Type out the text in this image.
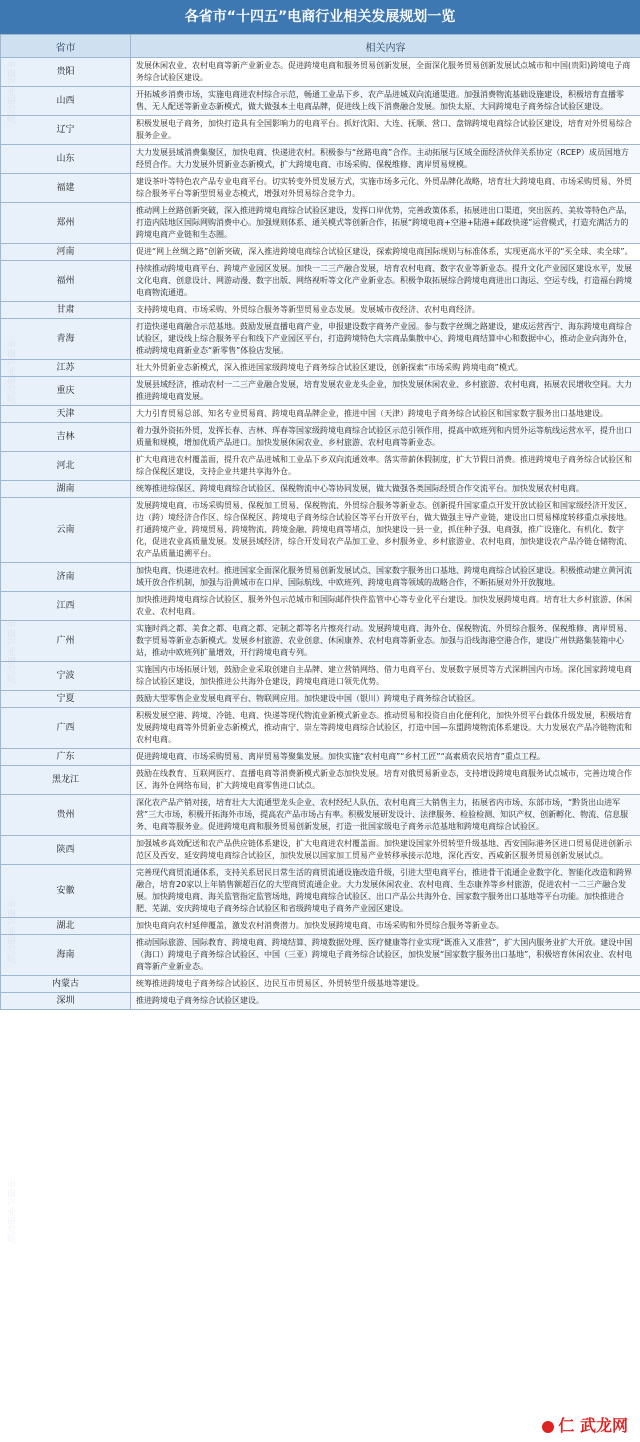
各省市“十四五”电商行业相关发展规划一览
省市	相关内容
贵阳	发展休闲农业、农村电商等新产业新业态。促进跨境电商和服务贸易创新发展，全面深化服务贸易创新发展试点城市和中国(贵阳)跨境电子商务综合试验区建设。
山西	开拓城乡消费市场，实施电商进农村综合示范，畅通工业品下乡、农产品进城双向流通渠道。加强消费物流基础设施建设，积极培育直播零售、无人配送等新业态新模式，做大做强本土电商品牌，促进线上线下消费融合发展。加快太原、大同跨境电子商务综合试验区建设。
辽宁	积极发展电子商务，加快打造具有全国影响力的电商平台。抓好沈阳、大连、抚顺、营口、盘锦跨境电商综合试验区建设，培育对外贸易综合服务企业。
山东	大力发展县域消费集聚区，加快电商、快递进农村。积极参与“丝路电商”合作。主动拓展与区域全面经济伙伴关系协定（RCEP）成员国地方经贸合作。大力发展外贸新业态新模式，扩大跨境电商、市场采购、保税维修、离岸贸易规模。
福建	建设茶叶等特色农产品专业电商平台。切实转变外贸发展方式，实施市场多元化、外贸品牌化战略，培育壮大跨境电商、市场采购贸易、外贸综合服务平台等新型贸易业态模式，增强对外贸易综合竞争力。
郑州	推动网上丝路创新突破，深入推进跨境电商综合试验区建设，发挥口岸优势，完善政策体系，拓展进出口渠道，突出医药、美妆等特色产品，打造内陆地区国际网购消费中心。加强规则体系、通关模式等创新合作，拓展“跨境电商+空港+陆港+邮政快递”运营模式，打造充满活力的跨境电商产业链和生态圈。
河南	促进“网上丝绸之路”创新突破，深入推进跨境电商综合试验区建设，探索跨境电商国际规则与标准体系，实现更高水平的“买全球、卖全球”。
福州	持续推动跨境电商平台、跨境产业园区发展。加快一二三产融合发展，培育农村电商、数字农业等新业态。提升文化产业园区建设水平，发展文化电商、创意设计、网游动漫、数字出版、网络视听等文化产业新业态。积极争取拓展综合跨境电商进出口海运、空运专线，打造福台跨境电商物流通道。
甘肃	支持跨境电商、市场采购、外贸综合服务等新型贸易业态发展。发展城市夜经济、农村电商经济。
青海	打造快递电商融合示范基地。鼓励发展直播电商产业，申报建设数字商务产业园。参与数字丝绸之路建设，建成运营西宁、海东跨境电商综合试验区，建设线上综合服务平台和线下产业园区平台，打造跨境特色大宗商品集散中心、跨境电商结算中心和数据中心，推动企业向海外仓，推动跨境电商新业态“新零售”体验店发展。
江苏	壮大外贸新业态新模式，深入推进国家级跨境电子商务综合试验区建设，创新探索“市场采购 跨境电商”模式。
重庆	发展县域经济，推动农村一二三产业融合发展，培育发展农业龙头企业，加快发展休闲农业、乡村旅游、农村电商，拓展农民增收空间。大力推进跨境电商发展。
天津	大力引育贸易总部、知名专业贸易商、跨境电商品牌企业，推进中国（天津）跨境电子商务综合试验区和国家数字服务出口基地建设。
吉林	着力强外资拓外贸，发挥长春、吉林、珲春等国家级跨境电商综合试验区示范引领作用，提高中欧班列和内贸外运等航线运营水平，提升出口质量和规模，增加优质产品进口。加快发展休闲农业、乡村旅游、农村电商等新业态。
河北	扩大电商进农村覆盖面，提升农产品进城和工业品下乡双向流通效率。落实带薪休假制度，扩大节假日消费。推进跨境电子商务综合试验区和综合保税区建设，支持企业共建共享海外仓。
湖南	统筹推进综保区、跨境电商综合试验区、保税物流中心等协同发展，做大做强各类国际经贸合作交流平台。加快发展农村电商。
云南	发展跨境电商、市场采购贸易、保税加工贸易、保税物流、外贸综合服务等新业态。创新提升国家重点开发开放试验区和国家级经济开发区、边（跨）境经济合作区、综合保税区、跨境电子商务综合试验区等平台开放平台，做大做强主导产业链，建设出口贸易梯度转移重点承接地。打通跨境产业、跨境贸易、跨境物流、跨境金融、跨境电商等堵点，加快建设一县一业，抓住种子强、电商强，推广设施化、有机化、数字化，促进农业高质量发展。发展县域经济，综合开发局农产品加工业、乡村服务业、乡村旅游业、农村电商，加快建设农产品冷链仓储物流、农产品质量追溯平台。
济南	加快电商、快递进农村。推进国家全面深化服务贸易创新发展试点、国家数字服务出口基地、跨境电商综合试验区建设。积极推动建立黄河流域开放合作机制，加强与沿黄城市在口岸、国际航线、中欧班列、跨境电商等领域的战略合作，不断拓展对外开放腹地。
江西	加快推进跨境电商综合试验区、服务外包示范城市和国际邮件快件监管中心等专业化平台建设。加快发展跨境电商。培育壮大乡村旅游、休闲农业、农村电商。
广州	实施时尚之都、美食之都、电商之都、定制之都等名片擦亮行动。发展跨境电商、海外仓、保税物流、外贸综合服务、保税维修、离岸贸易、数字贸易等新业态新模式。发展乡村旅游、农业创意、休闲康养、农村电商等新业态。加强与沿线海港空港合作，建设广州铁路集装箱中心站，推动中欧班列扩量增效，开行跨境电商专列。
宁波	实施国内市场拓展计划，鼓励企业采取创建自主品牌、建立营销网络、借力电商平台、发展数字展贸等方式深耕国内市场。深化国家跨境电商综合试验区建设，加快推进公共海外仓建设，跨境电商进口领先优势。
宁夏	鼓励大型零售企业发展电商平台、物联网应用。加快建设中国（银川）跨境电子商务综合试验区。
广西	积极发展空港、跨境、冷链、电商、快递等现代物流业新模式新业态。推动贸易和投资自由化便利化，加快外贸平台载体升级发展，积极培育发展跨境电商等外贸新业态新模式，推动南宁、崇左等跨境电商综合试验区，打造中国—东盟跨境物流体系建设。大力发展农产品冷链物流和农村电商。
广东	促进跨境电商、市场采购贸易、离岸贸易等聚集发展。加快实施“农村电商”“乡村工匠”“高素质农民培育”重点工程。
黑龙江	鼓励在线教育、互联网医疗、直播电商等消费新模式新业态加快发展。培育对俄贸易新业态，支持增设跨境电商服务试点城市，完善边境合作区、海外仓网络布局，扩大跨境电商零售进口试点。
贵州	深化农产品产销对接，培育壮大大流通型龙头企业、农村经纪人队伍、农村电商三大销售主力，拓展省内市场、东部市场，“黔货出山进军营”三大市场，积极开拓海外市场，提高农产品市场占有率。积极发展研发设计、法律服务、检验检测、知识产权、创新孵化、物流、信息服务、电商等服务业。促进跨境电商和服务贸易创新发展，打造一批国家级电子商务示范基地和跨境电商综合试验区。
陕西	加强城乡高效配送和农产品供应链体系建设，扩大电商进农村覆盖面。加快建设国家外贸转型升级基地、西安国际港务区进口贸易促进创新示范区及西安、延安跨境电商综合试验区，加快发展以国家加工贸易产业转移承接示范地，深化西安、西咸新区服务贸易创新发展试点。
安徽	完善现代商贸流通体系，支持关系居民日常生活的商贸流通设施改造升级，引进大型电商平台，推进骨干流通企业数字化、智能化改造和跨界融合，培育20家以上年销售额超百亿的大型商贸流通企业。大力发展休闲农业、农村电商、生态康养等乡村旅游，促进农村一二三产融合发展。加快跨境电商、海关监管指定监管场地，跨境电商综合试验区、出口产品公共海外仓、国家数字服务出口基地等平台功能。加快推进合肥、芜湖、安庆跨境电子商务综合试验区和省级跨境电子商务产业园区建设。
湖北	加快电商向农村延伸覆盖，激发农村消费潜力。加快发展跨境电商、市场采购和外贸综合服务等新业态。
海南	推动国际旅游、国际教育、跨境电商、跨境结算、跨境数据处理、医疗健康等行业实现“既准入又准营”，扩大国内服务业扩大开放。建设中国（海口）跨境电子商务综合试验区、中国（三亚）跨境电子商务综合试验区，加快发展“国家数字服务出口基地”，积极培育休闲农业、农村电商等新产业新业态。
内蒙古	统筹推进跨境电子商务综合试验区、边民互市贸易区、外贸转型升级基地等建设。
深圳	推进跨境电子商务综合试验区建设。
中商产业研究院
仁 武龙网
